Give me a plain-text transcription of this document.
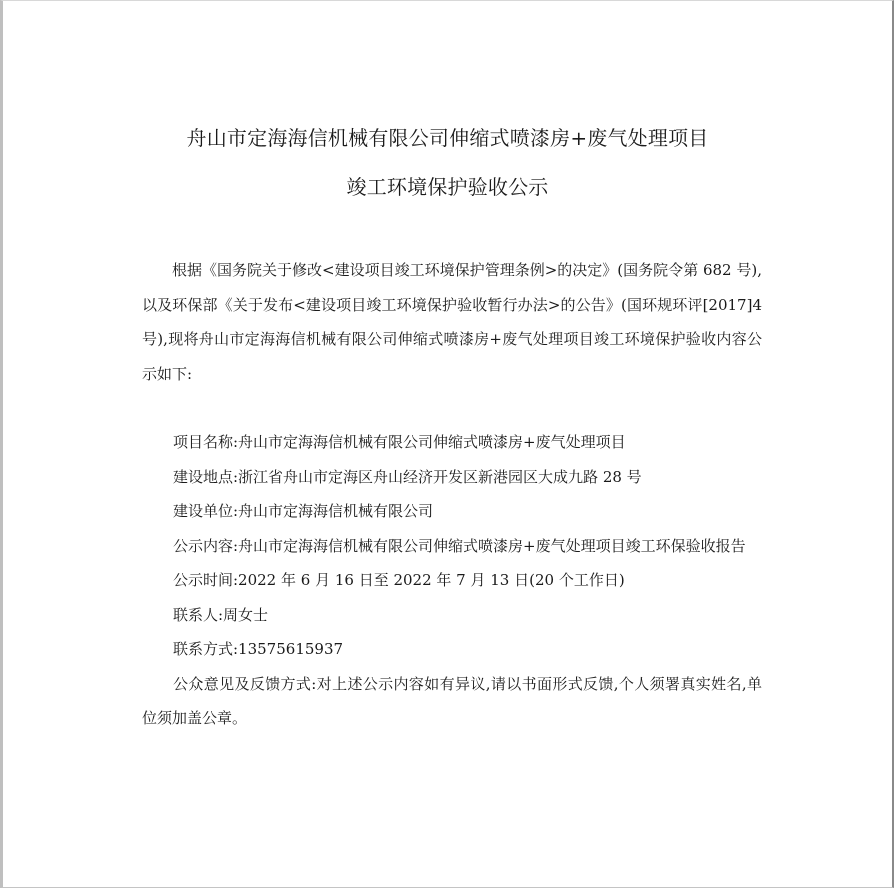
舟山市定海海信机械有限公司伸缩式喷漆房+废气处理项目
竣工环境保护验收公示

根据《国务院关于修改<建设项目竣工环境保护管理条例>的决定》(国务院令第 682 号),以及环保部《关于发布<建设项目竣工环境保护验收暂行办法>的公告》(国环规环评[2017]4 号),现将舟山市定海海信机械有限公司伸缩式喷漆房+废气处理项目竣工环境保护验收内容公示如下:

项目名称:舟山市定海海信机械有限公司伸缩式喷漆房+废气处理项目

建设地点:浙江省舟山市定海区舟山经济开发区新港园区大成九路 28 号

建设单位:舟山市定海海信机械有限公司

公示内容:舟山市定海海信机械有限公司伸缩式喷漆房+废气处理项目竣工环保验收报告

公示时间:2022 年 6 月 16 日至 2022 年 7 月 13 日(20 个工作日)

联系人:周女士

联系方式:13575615937

公众意见及反馈方式:对上述公示内容如有异议,请以书面形式反馈,个人须署真实姓名,单位须加盖公章。
